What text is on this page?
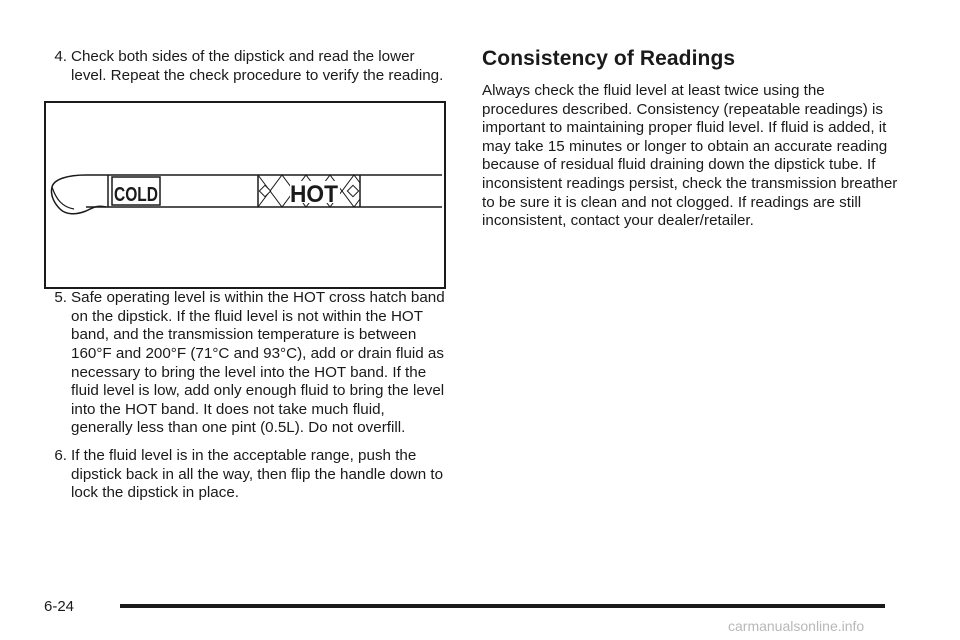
4. Check both sides of the dipstick and read the lower level. Repeat the check procedure to verify the reading.
COLD	HOT
5. Safe operating level is within the HOT cross hatch band on the dipstick. If the fluid level is not within the HOT band, and the transmission temperature is between 160°F and 200°F (71°C and 93°C), add or drain fluid as necessary to bring the level into the HOT band. If the fluid level is low, add only enough fluid to bring the level into the HOT band. It does not take much fluid, generally less than one pint (0.5L). Do not overfill.
6. If the fluid level is in the acceptable range, push the dipstick back in all the way, then flip the handle down to lock the dipstick in place.
Consistency of Readings

Always check the fluid level at least twice using the procedures described. Consistency (repeatable readings) is important to maintaining proper fluid level. If fluid is added, it may take 15 minutes or longer to obtain an accurate reading because of residual fluid draining down the dipstick tube. If inconsistent readings persist, check the transmission breather to be sure it is clean and not clogged. If readings are still inconsistent, contact your dealer/retailer.

6-24
carmanualsonline.info
